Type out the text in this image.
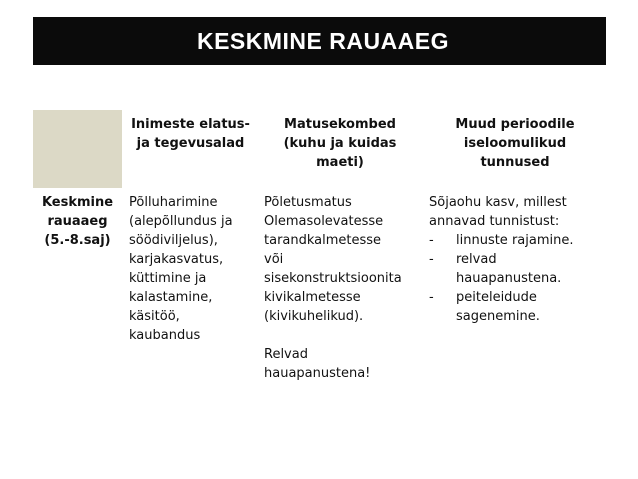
KESKMINE RAUAAEG
Inimeste elatus-
ja tegevusalad
Matusekombed
(kuhu ja kuidas
maeti)
Muud perioodile
iseloomulikud
tunnused
Keskmine
rauaaeg
(5.-8.saj)
Põlluharimine
(alepõllundus ja
söödiviljelus),
karjakasvatus,
küttimine ja
kalastamine,
käsitöö,
kaubandus
Põletusmatus
Olemasolevatesse
tarandkalmetesse
või
sisekonstruktsioonita
kivikalmetesse
(kivikuhelikud).
Relvad
hauapanustena!
Sõjaohu kasv, millest
annavad tunnistust:
- linnuste rajamine.
- relvad
hauapanustena.
- peiteleidude
sagenemine.
